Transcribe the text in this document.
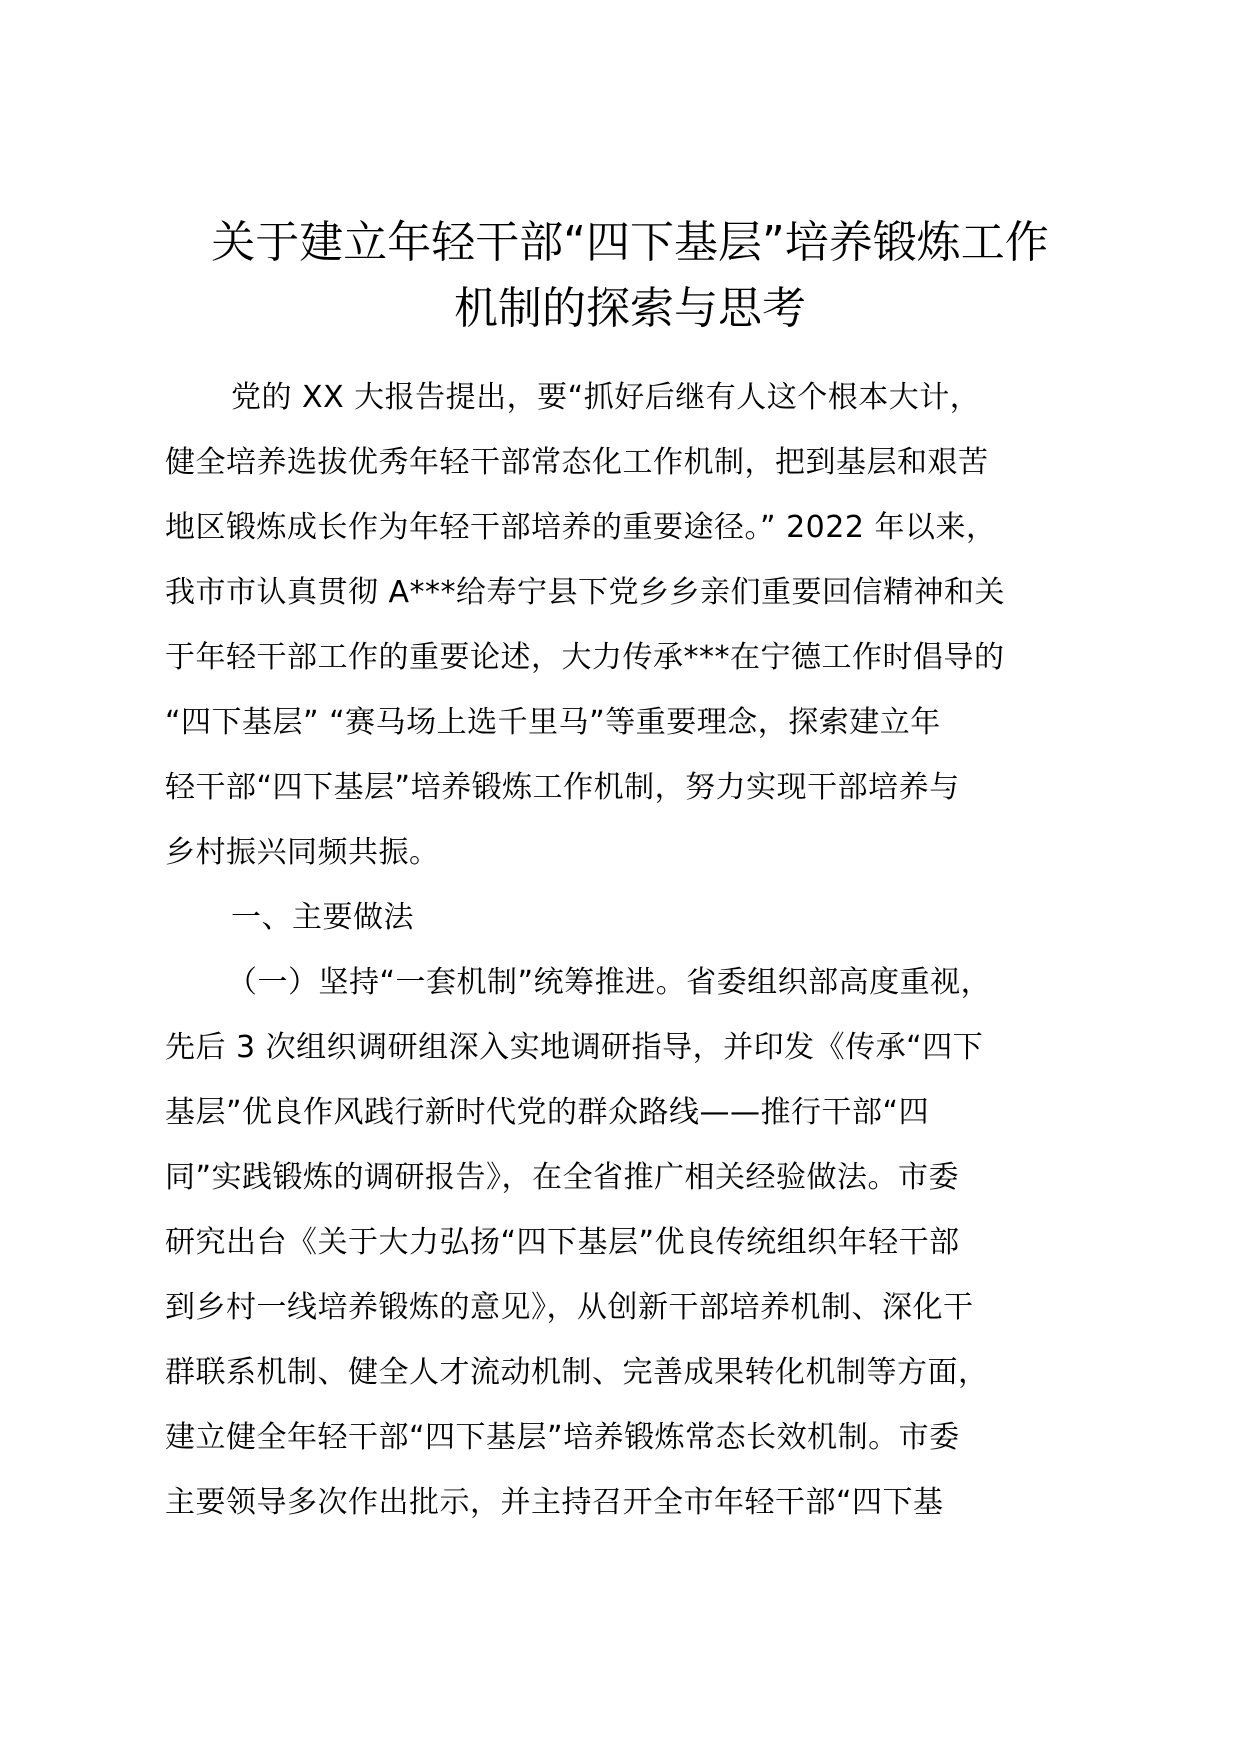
关于建立年轻干部“四下基层”培养锻炼工作
机制的探索与思考
党的 XX 大报告提出，要“抓好后继有人这个根本大计，
健全培养选拔优秀年轻干部常态化工作机制，把到基层和艰苦
地区锻炼成长作为年轻干部培养的重要途径。” 2022 年以来，
我市市认真贯彻 A***给寿宁县下党乡乡亲们重要回信精神和关
于年轻干部工作的重要论述，大力传承***在宁德工作时倡导的
“四下基层” “赛马场上选千里马”等重要理念，探索建立年
轻干部“四下基层”培养锻炼工作机制，努力实现干部培养与
乡村振兴同频共振。
一、主要做法
（一）坚持“一套机制”统筹推进。省委组织部高度重视，
先后 3 次组织调研组深入实地调研指导，并印发《传承“四下
基层”优良作风践行新时代党的群众路线——推行干部“四
同”实践锻炼的调研报告》，在全省推广相关经验做法。市委
研究出台《关于大力弘扬“四下基层”优良传统组织年轻干部
到乡村一线培养锻炼的意见》，从创新干部培养机制、深化干
群联系机制、健全人才流动机制、完善成果转化机制等方面，
建立健全年轻干部“四下基层”培养锻炼常态长效机制。市委
主要领导多次作出批示，并主持召开全市年轻干部“四下基
